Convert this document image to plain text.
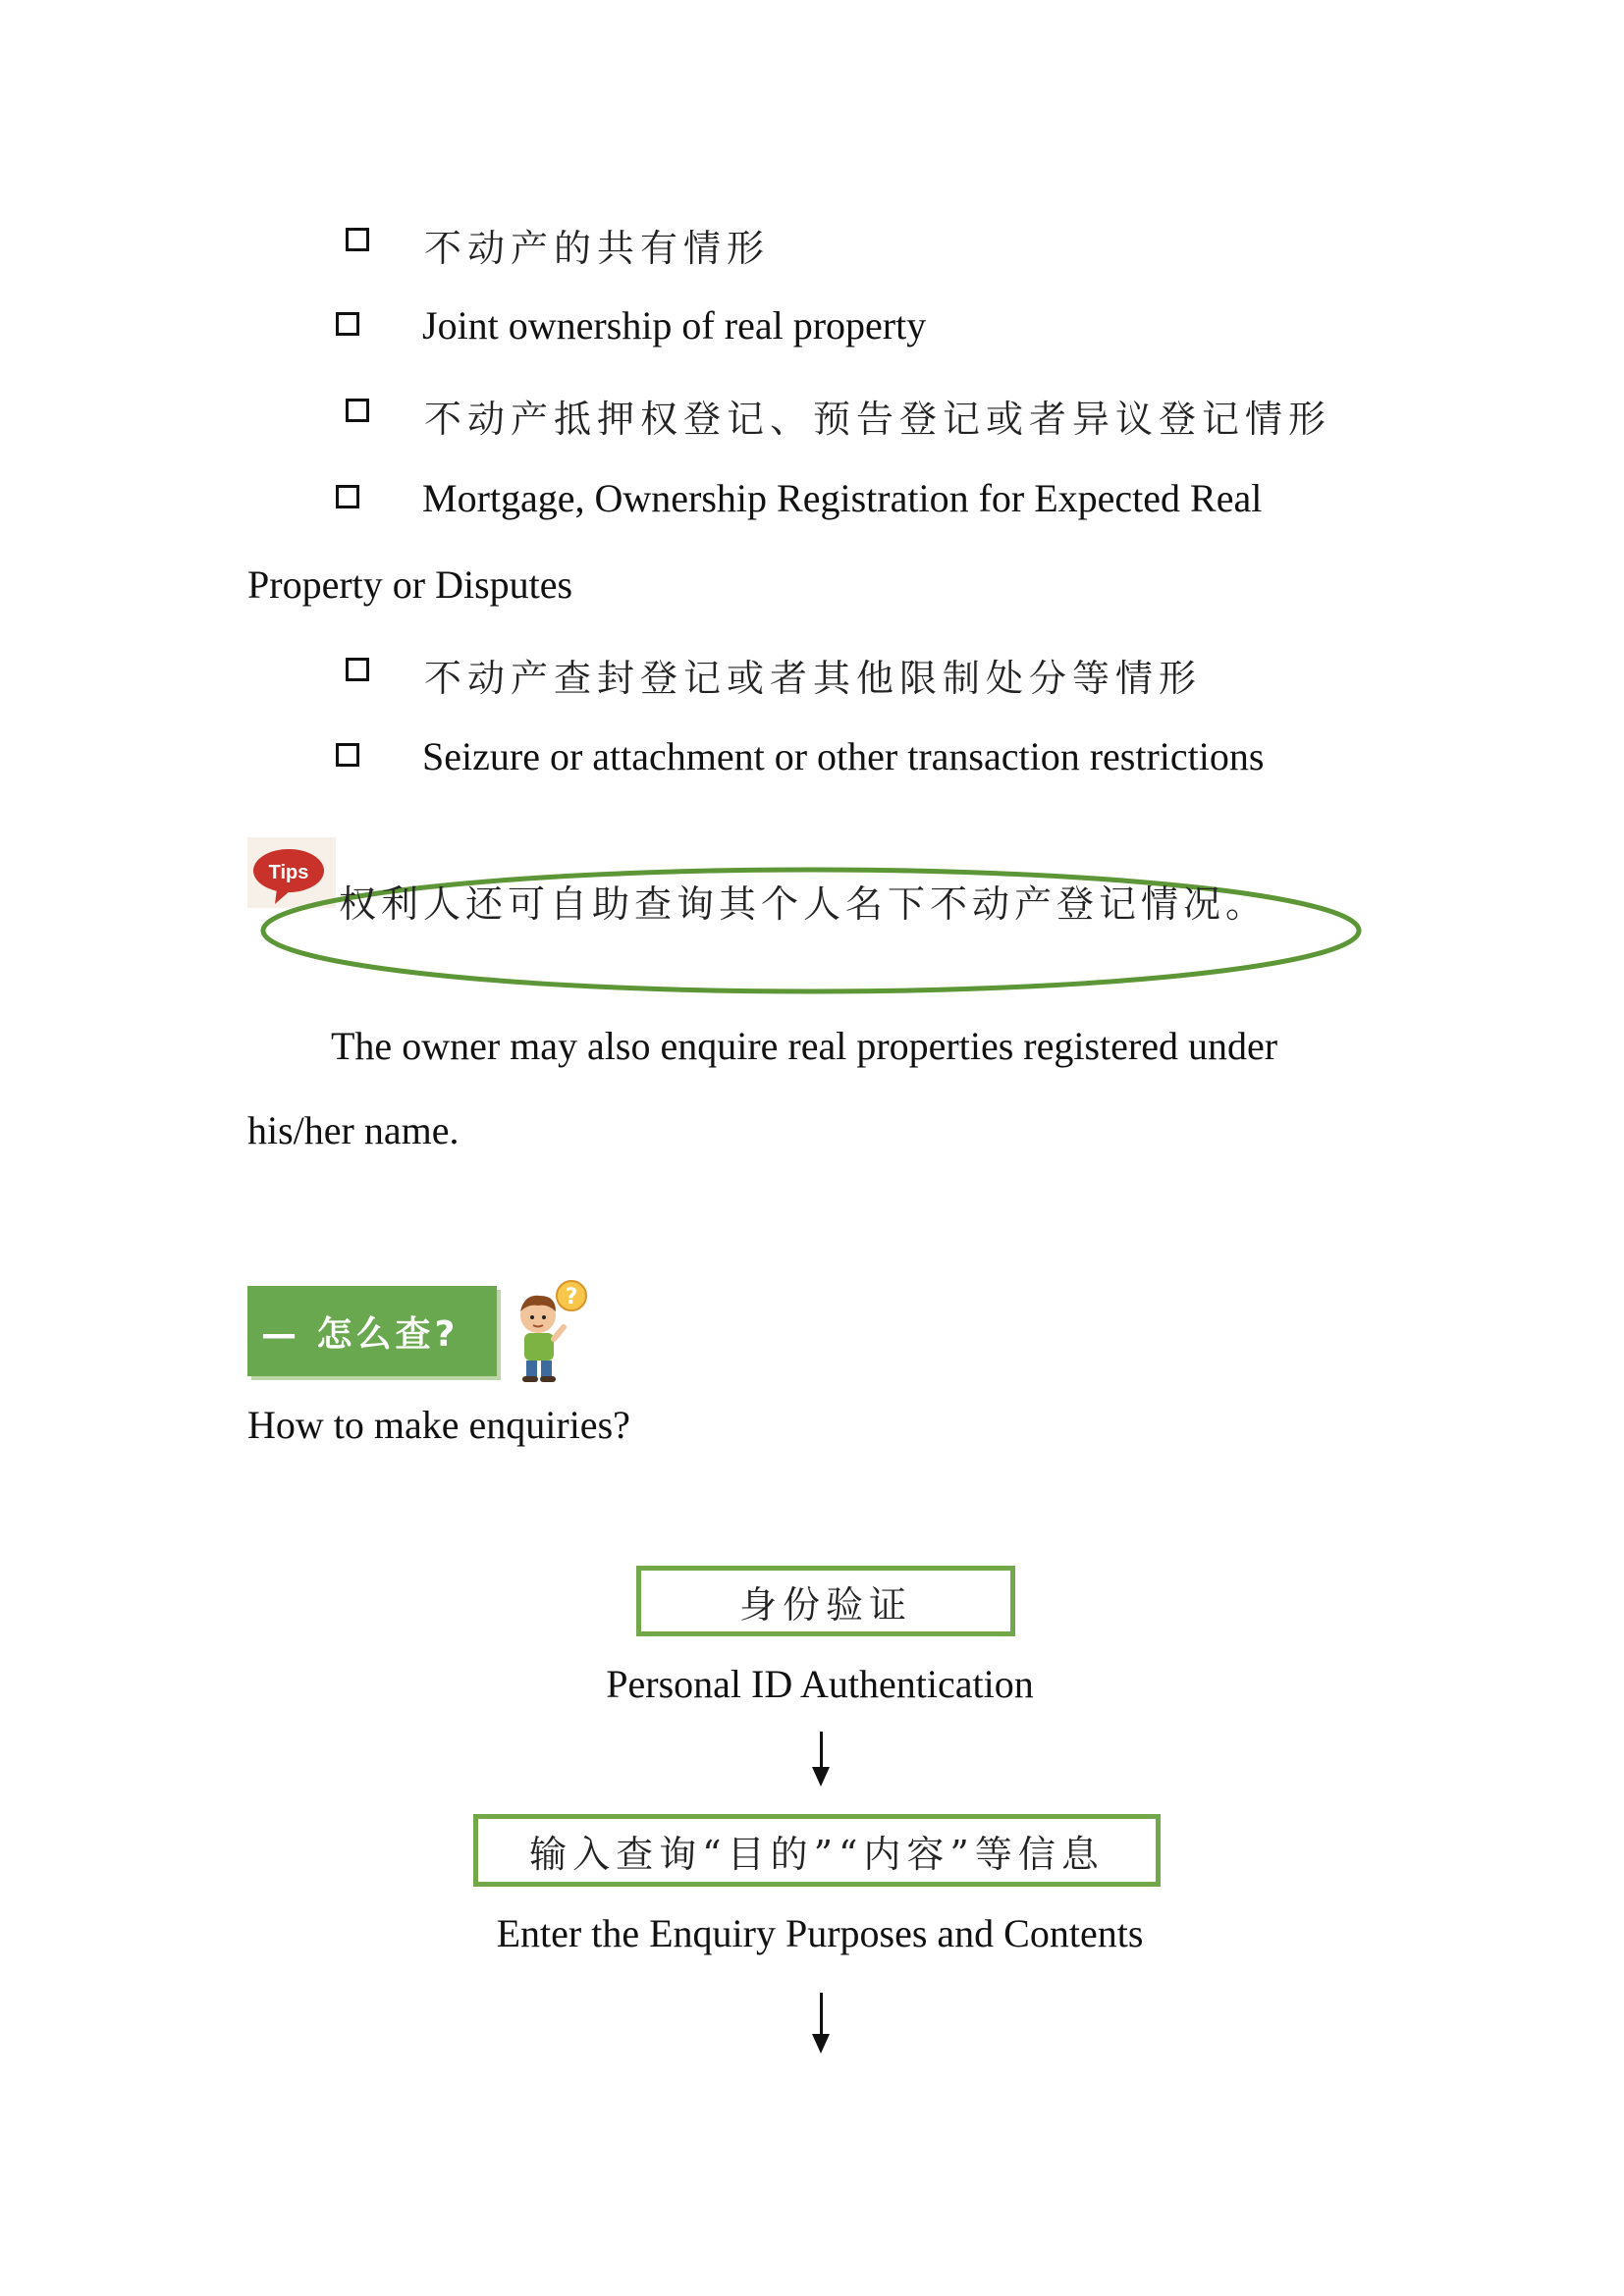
不动产的共有情形
Joint ownership of real property
不动产抵押权登记、预告登记或者异议登记情形
Mortgage, Ownership Registration for Expected Real
Property or Disputes
不动产查封登记或者其他限制处分等情形
Seizure or attachment or other transaction restrictions
Tips
权利人还可自助查询其个人名下不动产登记情况。
The owner may also enquire real properties registered under
his/her name.
— 怎么查?
?
How to make enquiries?
身份验证
Personal ID Authentication
输入查询“目的”“内容”等信息
Enter the Enquiry Purposes and Contents
